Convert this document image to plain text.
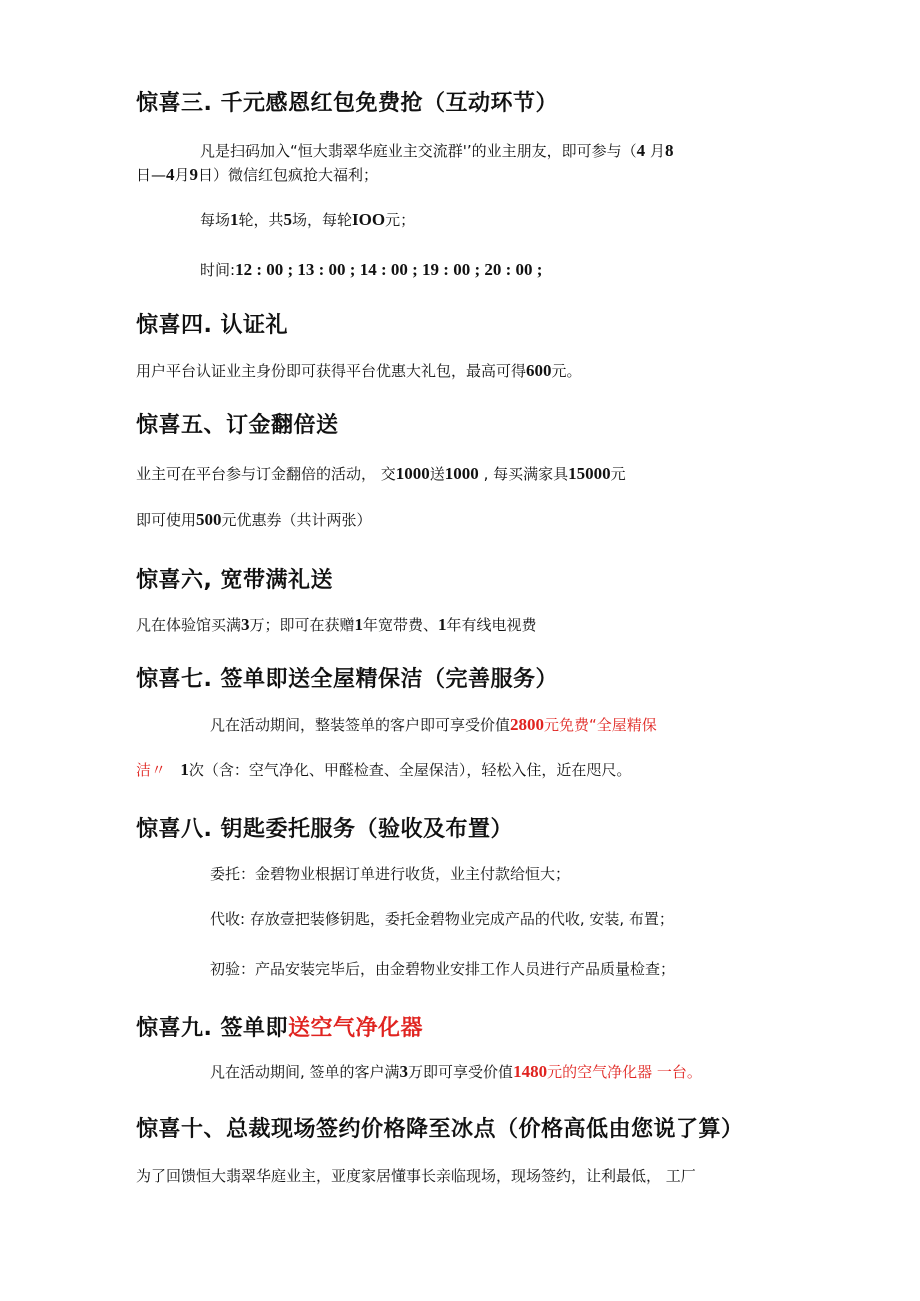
惊喜三. 千元感恩红包免费抢（互动环节）
凡是扫码加入“恒大翡翠华庭业主交流群'’的业主朋友，即可参与（4 月8
日—4月9日）微信红包疯抢大福利；
每场1轮，共5场，每轮IOO元；
时间:12 : 00 ; 13 : 00 ; 14 : 00 ; 19 : 00 ; 20 : 00 ;
惊喜四. 认证礼
用户平台认证业主身份即可获得平台优惠大礼包，最高可得600元。
惊喜五、订金翻倍送
业主可在平台参与订金翻倍的活动， 交1000送1000 , 每买满家具15000元
即可使用500元优惠券（共计两张）
惊喜六, 宽带满礼送
凡在体验馆买满3万；即可在获赠1年宽带费、1年有线电视费
惊喜七. 签单即送全屋精保洁（完善服务）
凡在活动期间，整装签单的客户即可享受价值2800元免费“全屋精保
洁〃 1次（含：空气净化、甲醛检查、全屋保洁），轻松入住，近在咫尺。
惊喜八. 钥匙委托服务（验收及布置）
委托：金碧物业根据订单进行收货，业主付款给恒大；
代收: 存放壹把装修钥匙，委托金碧物业完成产品的代收, 安装, 布置；
初验：产品安装完毕后，由金碧物业安排工作人员进行产品质量检查；
惊喜九. 签单即送空气净化器
凡在活动期间, 签单的客户满3万即可享受价值1480元的空气净化器 一台。
惊喜十、总裁现场签约价格降至冰点（价格高低由您说了算）
为了回馈恒大翡翠华庭业主，亚度家居懂事长亲临现场，现场签约，让利最低， 工厂
